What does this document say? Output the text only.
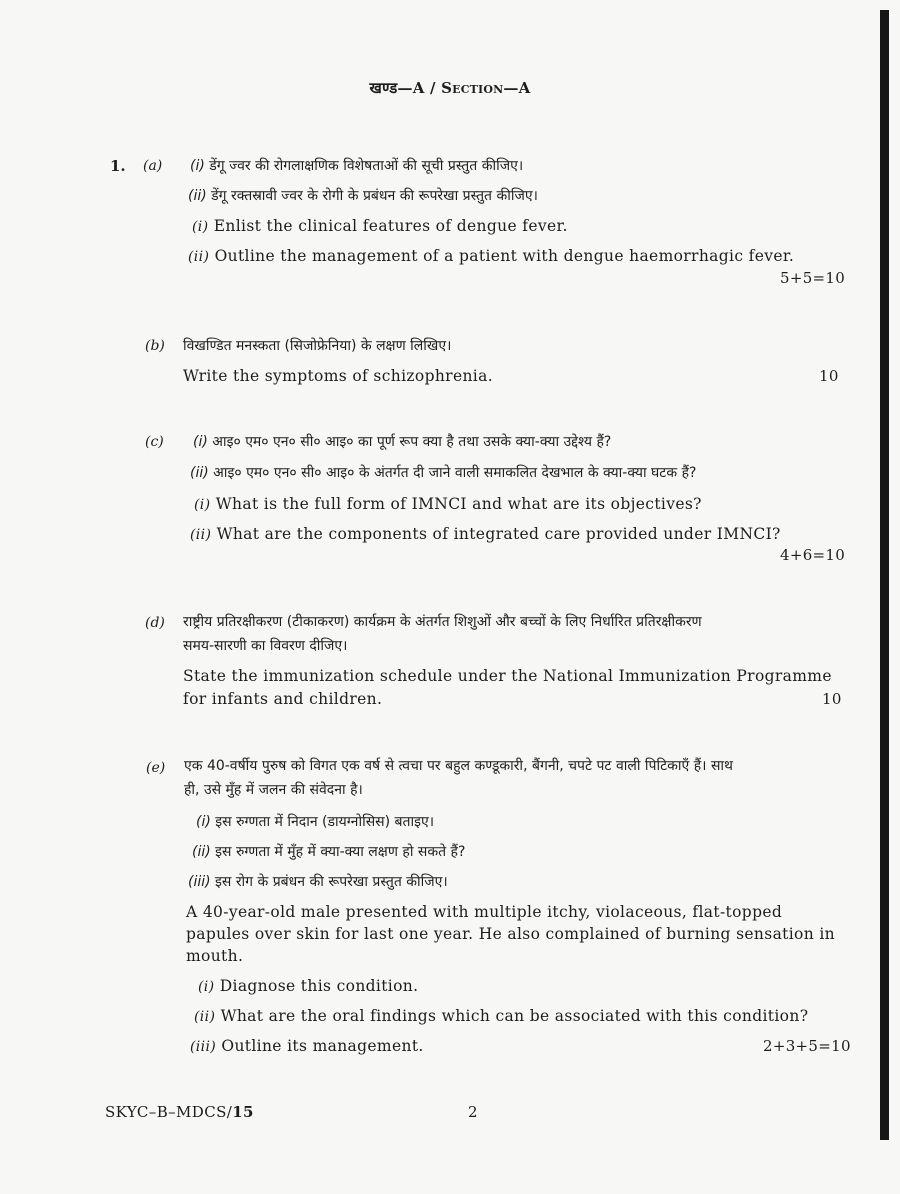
खण्ड—A / Section—A
1. (a) (i) डेंगू ज्वर की रोगलाक्षणिक विशेषताओं की सूची प्रस्तुत कीजिए।
(ii) डेंगू रक्तस्रावी ज्वर के रोगी के प्रबंधन की रूपरेखा प्रस्तुत कीजिए।
(i) Enlist the clinical features of dengue fever.
(ii) Outline the management of a patient with dengue haemorrhagic fever.
5+5=10
(b) विखण्डित मनस्कता (सिजोफ्रेनिया) के लक्षण लिखिए।
Write the symptoms of schizophrenia.	10
(c) (i) आइ० एम० एन० सी० आइ० का पूर्ण रूप क्या है तथा उसके क्या-क्या उद्देश्य हैं?
(ii) आइ० एम० एन० सी० आइ० के अंतर्गत दी जाने वाली समाकलित देखभाल के क्या-क्या घटक हैं?
(i) What is the full form of IMNCI and what are its objectives?
(ii) What are the components of integrated care provided under IMNCI?
4+6=10
(d) राष्ट्रीय प्रतिरक्षीकरण (टीकाकरण) कार्यक्रम के अंतर्गत शिशुओं और बच्चों के लिए निर्धारित प्रतिरक्षीकरण
समय-सारणी का विवरण दीजिए।
State the immunization schedule under the National Immunization Programme
for infants and children.	10
(e) एक 40-वर्षीय पुरुष को विगत एक वर्ष से त्वचा पर बहुल कण्डूकारी, बैंगनी, चपटे पट वाली पिटिकाएँ हैं। साथ
ही, उसे मुँह में जलन की संवेदना है।
(i) इस रुग्णता में निदान (डायग्नोसिस) बताइए।
(ii) इस रुग्णता में मुँह में क्या-क्या लक्षण हो सकते हैं?
(iii) इस रोग के प्रबंधन की रूपरेखा प्रस्तुत कीजिए।
A 40-year-old male presented with multiple itchy, violaceous, flat-topped
papules over skin for last one year. He also complained of burning sensation in
mouth.
(i) Diagnose this condition.
(ii) What are the oral findings which can be associated with this condition?
(iii) Outline its management.	2+3+5=10
SKYC–B–MDCS/15	2
